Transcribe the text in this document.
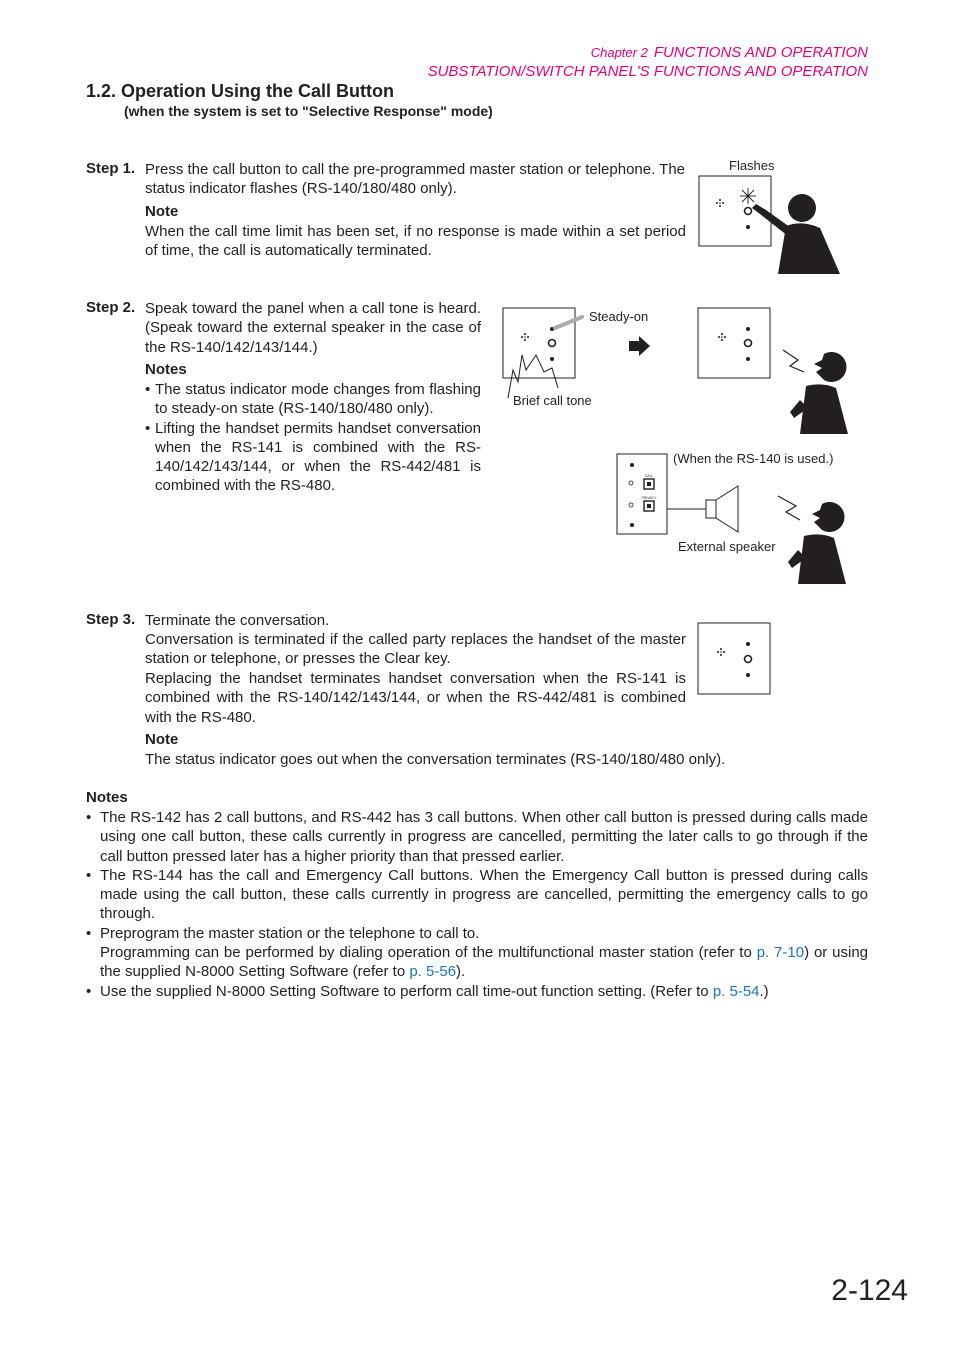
Chapter 2 FUNCTIONS AND OPERATION
SUBSTATION/SWITCH PANEL'S FUNCTIONS AND OPERATION
1.2. Operation Using the Call Button
(when the system is set to "Selective Response" mode)
Step 1. Press the call button to call the pre-programmed master station or telephone. The status indicator flashes (RS-140/180/480 only).
Note
When the call time limit has been set, if no response is made within a set period of time, the call is automatically terminated.
Flashes
Step 2. Speak toward the panel when a call tone is heard. (Speak toward the external speaker in the case of the RS-140/142/143/144.)
Notes
• The status indicator mode changes from flashing to steady-on state (RS-140/180/480 only).
• Lifting the handset permits handset conversation when the RS-141 is combined with the RS-140/142/143/144, or when the RS-442/481 is combined with the RS-480.
Steady-on
Brief call tone
(When the RS-140 is used.)
CALL
PRIVACY
External speaker
Step 3. Terminate the conversation.
Conversation is terminated if the called party replaces the handset of the master station or telephone, or presses the Clear key.
Replacing the handset terminates handset conversation when the RS-141 is combined with the RS-140/142/143/144, or when the RS-442/481 is combined with the RS-480.
Note
The status indicator goes out when the conversation terminates (RS-140/180/480 only).
Notes
• The RS-142 has 2 call buttons, and RS-442 has 3 call buttons. When other call button is pressed during calls made using one call button, these calls currently in progress are cancelled, permitting the later calls to go through if the call button pressed later has a higher priority than that pressed earlier.
• The RS-144 has the call and Emergency Call buttons. When the Emergency Call button is pressed during calls made using the call button, these calls currently in progress are cancelled, permitting the emergency calls to go through.
• Preprogram the master station or the telephone to call to.
Programming can be performed by dialing operation of the multifunctional master station (refer to p. 7-10) or using the supplied N-8000 Setting Software (refer to p. 5-56).
• Use the supplied N-8000 Setting Software to perform call time-out function setting. (Refer to p. 5-54.)
2-124
